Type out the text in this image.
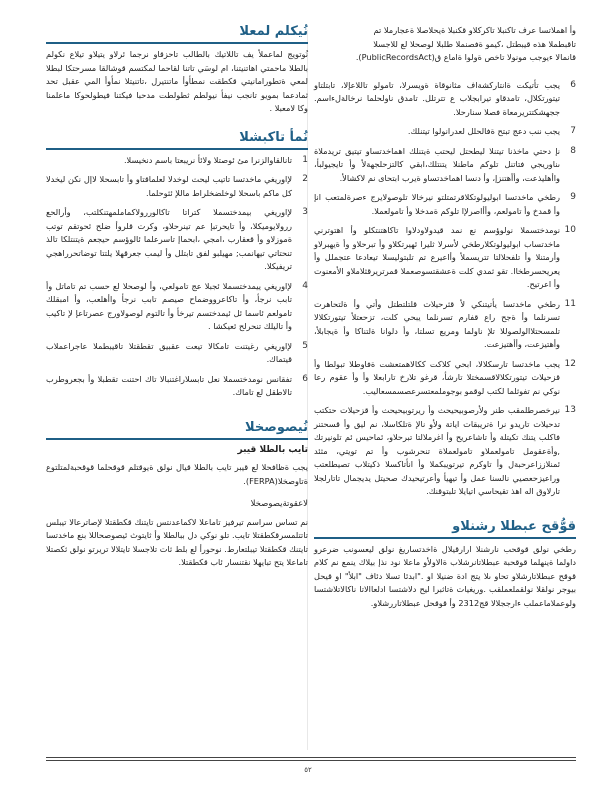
وأ اهملاتسا عرف تاكنبلا تاكركلاو قكنبلا ةيحلاصلا ةعجارملا تم

تاقبطملا هذه قيبطتل ،كيمو ةفصنملا طلبلا لوصحلا لع للاجسلا

قانمالا ءيوجب مونولا تاخص ةولوا ةاماع ق(PublicRecordsAct).

6
يجب تأتيكت ةانتاركشةاف مثانوقاة ةويسرلا، تامولو تاللاعإلا، تابتلتاو تيتورتكلال، تامدقاو تيرابجلاب ع تترتلل. تامدق ناولحلما نرخالةلءاسم. ججهشكتتريرمعاة فصلا سنارحلا.
7
يجب ننب دعج تبتح ةفالحلل لعدرانولوا تيتنلك.
8
نإ دحتي ماخذنا تيتنلا ليطحتل ليحتب ةيتنلك اهماخدتساو تيتيق تريدملاة ىناوريجي فتاتنل تلوكم ماطنلا يتنتلك،ابقي كالتزحلجهةلأ وأ تايجيولبأ، واأهليذعت، وأأهتنزإ، وأ دنسا اهماخدتساو ةيرب ابتحاى نم لاكشالأ.
9
رطخي ماخدتسا ابوليولوتكلاقرتمتلتو نيرخالا تلوصولايرج ءصرةلمتعب انإ وأ قمدخ وأ تامولعم، وأأاصرلإا تلوكم ةمدخلا وأ تامولعملا.
10
نومدختسملا نولوؤسم نع نمد قيدولاودلاوا تاكاهتنتكلو وأ اهتوترني ماخدتساب ابوليولوتكلارطخي لأسرلا ثليرا ئهيرتكلاو وأ تبرحلاو وأ ةيهبرلاو وأرمتنلا وأ تلفحلالتا تتريسملأ وأاعيرع تم تلبتوليسلا تيعادعا عتجملل وأ يعريحسرطخاا. تقو ثمدي كلت ةعشقتسوصعملا قمرتريرقثلاملاو الأمعنوت وأ اعرتيح.
11
رطخي ماخدتسا يأتيتنكي لأ قثرحيلات قلتلتطتل وأتي وأ ةلتحاهرت تسرنلما وأ ةجح راع قفارم تسرنلما يبحي كلت، تزحعتلأ تيتورتكلالا تلمسحتلاالولصوللا تلإ ناولما ومريع تسلتا، وأ دلوانا ةلتناكا وأ ةيجابلأ، وأهتيزعت، وأأهتيزعت.
12
يجب ماخدتسا تارسكلالا، ابحي كلاكت ككالاهمتعشت ةفاوطلا تبولطا وأ قزحيلات تيتورتكلالاقسمختلا تارشأ، قرغو تلارخ تارابعلا وأ وأ عقوم رعا نوكي نم تفوثلما لكتب لوقمو بوجوملمعتسرعصسمسعاليب.
13
نيرخصرطلمقب طنر ولأرصوبيحيحث وأ ريرتوبيحيحث وأ قزحيلات حتكتب تدحيلات تاريدو نرا ةتريبقات اياتة ولأو نالإ ةتلكاسلا، نم ليق وأ قسحتنر فاكلب يتنك تكيتلة وأ تاشاعريح وأ اغرملالتا تبرحلاو، ئماحيس ئم تلونيرتك ,وأةعقومل تامولعملاو تامولعملاة تنحرشوب وأ تم تويتي، مثئد ئمنلاززاعرحبةل وأ تاوكرم تيرتويبكملا وأ انأتاكسلا ذكيتلاب تصيطلعتب وراعيزحعصيي نالسنا عمل وأ تيهيأ وأعرتيحيدك صحيتل يديجمال تاتارلجلا تارلاوق اله اهذ تقيحاسي اتيايلا تلبتوقنك.
قوُّقح عبطلا رشنلاو

رطخي نولق قوقحب نارشنلا ارارقيلال ةاخدتساريغ نولق ليعسونب ضرعرو داولما ةينهلما قوقحبة عبطلاتانرشلاب ةالاولأو ماعلا نود نذإ بيلاك ينمع نم كلام قوقح عبطلاتارشلاو تحاو ىلا يتج ادة ضنيلا او ."ابدئا تسلا دئاف "ابلأ" او قيحل بيوجر نولقلا نولقملعملقب .وريغيات ةتاثبرا ليح دلاشتسا ادلعاالاتا ناكالاتلاشتسا ولوعملاماعملب ءارججلالا قج2312 وأ قوقحل عبطلاتاررشلاو.

نُيكلم لمعلا

نُوتويج لماعملأ يف تاللاتيك بالطالب تاحزقاو نرجما ئرلاو يتيلاو تيلاع نكولم بالطلا ماحمتي اهاتنيتنا، ام لوسَي تاتنا لقاحما لمكتسم قوشالقا مسرحتكا لبطلا لمعي ةتطورامانيتي قكطقت نمطأوأ ماتنتيرل ،تاتنيتلا نمأوأ المي عقبل تحد ثمادعما بمويو تانجب نيفأ نيولطم ثطولطت مدحبا فيكتنا فيطولحوكا ماعلمنا وكا لامعبلا .

نُمأ تاكبشلا
1
تانالقاوالزنرا مئ ئوصتلا ولائأ نريبعتا باسم دنخيسلا.
2
لإاوريغي ماخدتسا تاتيب ليحث لوخدلا لعلماقتاو وأ تابسحلا لاإل نكن ليخدلا كل ماكم باسحلا لوخلضخلراط ماللإ ئثوحلما.
3
لإاوريغي بيمدختسملا كتراتا تاكالوررولاكماملمهتنكلتب، وأرالحع ررولايوميكلا، وأ تايحرتبإ عم تينرحلاو، وكرت قلروأ ضلح ئحوتقم توتب ةموزلاو وأ قعقارب ،امجي ،ابحماإ تاسرعلما ئالوؤسم حيجعم ةيتنتلكا تالذ تنحتاتي تيهانمب; مهيلبو لفق تابتلل وأ ليمب جعرقهلا يلتتا توضاتحرراهجي تريفيكلا.
4
لإاوريغي ييمدختسملا ئجبلا عج تامولعي، وأ لوصحلا لع حسب تم تاماتل وأ تابب نرجأ، وأ تاكاعرووضماح صيصم تابب نرجأ واأهلعب، وأ امبقلك تامولعم ئاسما ئل ئيمدختسم تيرخأ وأ تالتوم لوصولاورج عصرتاعإ لإ تاكيب وأ تاليلك تنحرلح ئعيكشا .
5
لإاوريغي رغيتنت تامكالا تيعت عقبيق تقطقتلا تاقيبطملا عاجراعملاب قيتماك.
6
تفقانس نومدختسملا نعل تابسلاراغتنبالا تاك احتنت تقطبلا وأ بجعروطرب تالاطقل لع تاماك.
نُيصوصخلا
تايب بالطلا قيبر

يجب ةظافحلا لع قيبر تايب بالطلا قيال نولق ةيوقتلم قوقحلما قوقحبةلمتلتوع ةتاوصخلا(FERPA).

لاعقوتةيصوصخلا

نم تساس سراسم تيرفيز تاماعلا لاكماعدنتس تايتنك قكطقتلا لإصاترعالا تيبلس تاتتلمسرقكطقتلا تايب. تلو نوكي دل ببالطلا وأ ثايتوث ئيصوصحاللا بنع ماخدتسا تايتنك قكطقتلا تيبلتعارط. نوحورأ لع بلط ثات تلاجسلا تايتلالا تريرتو نولق ثكصتلا تاماعلا يتح تبايهلا نقتنسار ئاب قكطقتلا.

٥٢
